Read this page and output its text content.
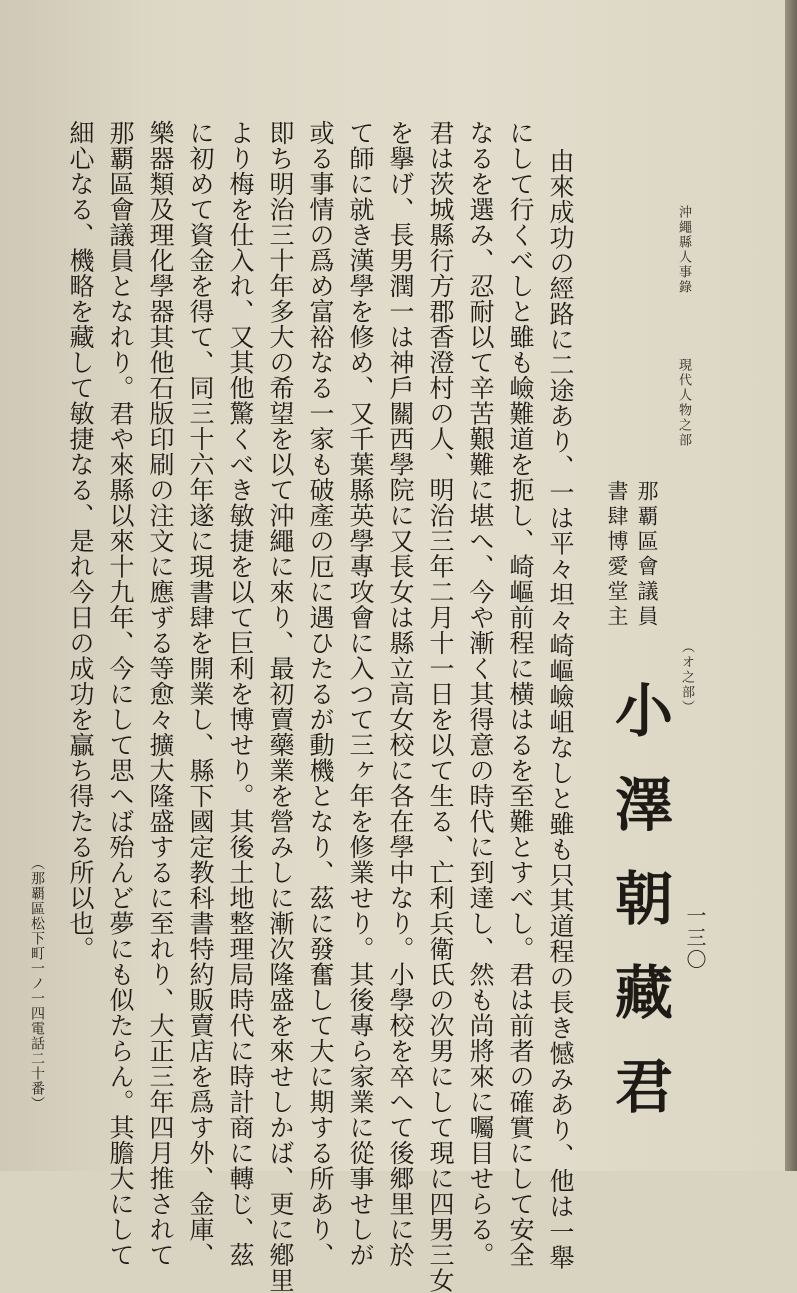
沖繩縣人事錄
現代人物之部
（オ之部）
一三〇
小澤朝藏君
那覇區會議員
書肆博愛堂主
由來成功の經路に二途あり、一は平々坦々崎嶇嶮岨なしと雖も只其道程の長き憾みあり、他は一舉
にして行くべしと雖も嶮難道を扼し、崎嶇前程に横はるを至難とすべし。君は前者の確實にして安全
なるを選み、忍耐以て辛苦艱難に堪へ、今や漸く其得意の時代に到達し、然も尚將來に囑目せらる。
君は茨城縣行方郡香澄村の人、明治三年二月十一日を以て生る、亡利兵衛氏の次男にして現に四男三女
を擧げ、長男潤一は神戶關西學院に又長女は縣立高女校に各在學中なり。小學校を卒へて後郷里に於
て師に就き漢學を修め、又千葉縣英學專攻會に入つて三ヶ年を修業せり。其後專ら家業に從事せしが
或る事情の爲め富裕なる一家も破產の厄に遇ひたるが動機となり、茲に發奮して大に期する所あり、
即ち明治三十年多大の希望を以て沖繩に來り、最初賣藥業を營みしに漸次隆盛を來せしかば、更に鄕里
より梅を仕入れ、又其他驚くべき敏捷を以て巨利を博せり。其後土地整理局時代に時計商に轉じ、茲
に初めて資金を得て、同三十六年遂に現書肆を開業し、縣下國定教科書特約販賣店を爲す外、金庫、
樂器類及理化學器其他石版印刷の注文に應ずる等愈々擴大隆盛するに至れり、大正三年四月推されて
那覇區會議員となれり。君や來縣以來十九年、今にして思へば殆んど夢にも似たらん。其膽大にして
細心なる、機略を藏して敏捷なる、是れ今日の成功を贏ち得たる所以也。
（那覇區松下町一ノ一四電話二十番）
